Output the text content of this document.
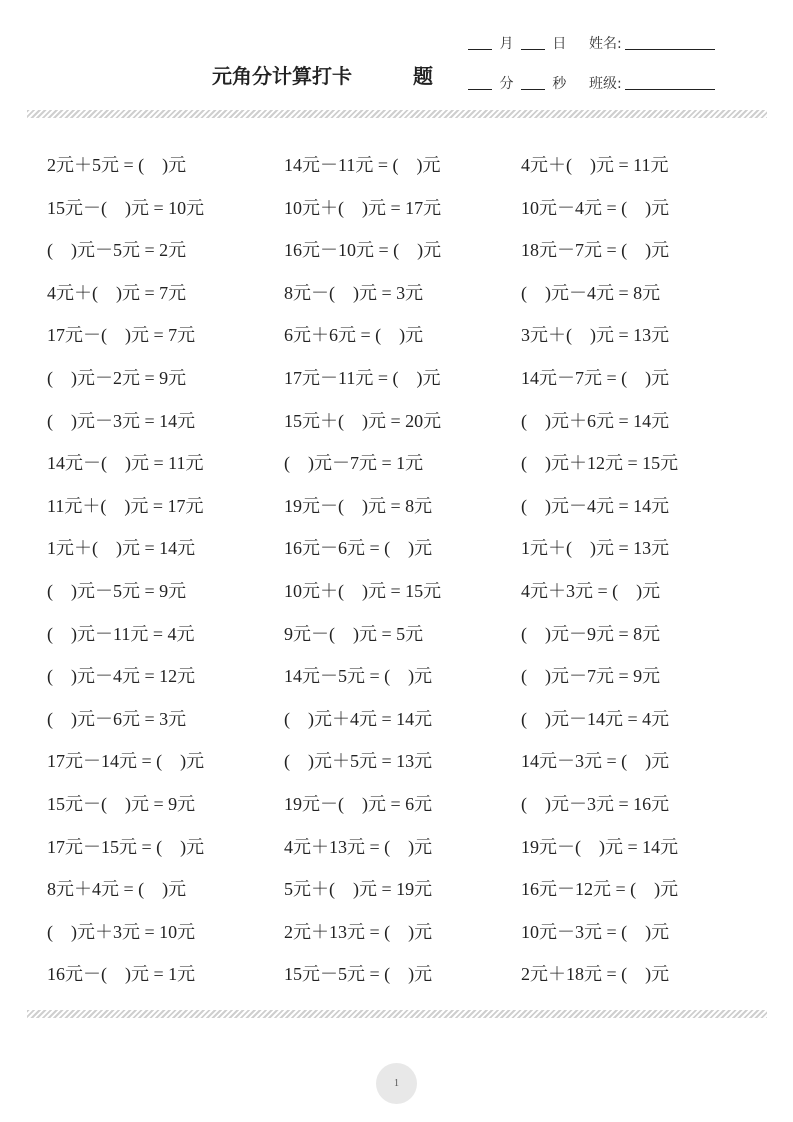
元角分计算打卡	题
月	日
分	秒
姓名:
班级:
2元＋5元 = (    )元	14元－11元 = (    )元	4元＋(    )元 = 11元
15元－(    )元 = 10元	10元＋(    )元 = 17元	10元－4元 = (    )元
(    )元－5元 = 2元	16元－10元 = (    )元	18元－7元 = (    )元
4元＋(    )元 = 7元	8元－(    )元 = 3元	(    )元－4元 = 8元
17元－(    )元 = 7元	6元＋6元 = (    )元	3元＋(    )元 = 13元
(    )元－2元 = 9元	17元－11元 = (    )元	14元－7元 = (    )元
(    )元－3元 = 14元	15元＋(    )元 = 20元	(    )元＋6元 = 14元
14元－(    )元 = 11元	(    )元－7元 = 1元	(    )元＋12元 = 15元
11元＋(    )元 = 17元	19元－(    )元 = 8元	(    )元－4元 = 14元
1元＋(    )元 = 14元	16元－6元 = (    )元	1元＋(    )元 = 13元
(    )元－5元 = 9元	10元＋(    )元 = 15元	4元＋3元 = (    )元
(    )元－11元 = 4元	9元－(    )元 = 5元	(    )元－9元 = 8元
(    )元－4元 = 12元	14元－5元 = (    )元	(    )元－7元 = 9元
(    )元－6元 = 3元	(    )元＋4元 = 14元	(    )元－14元 = 4元
17元－14元 = (    )元	(    )元＋5元 = 13元	14元－3元 = (    )元
15元－(    )元 = 9元	19元－(    )元 = 6元	(    )元－3元 = 16元
17元－15元 = (    )元	4元＋13元 = (    )元	19元－(    )元 = 14元
8元＋4元 = (    )元	5元＋(    )元 = 19元	16元－12元 = (    )元
(    )元＋3元 = 10元	2元＋13元 = (    )元	10元－3元 = (    )元
16元－(    )元 = 1元	15元－5元 = (    )元	2元＋18元 = (    )元
1
